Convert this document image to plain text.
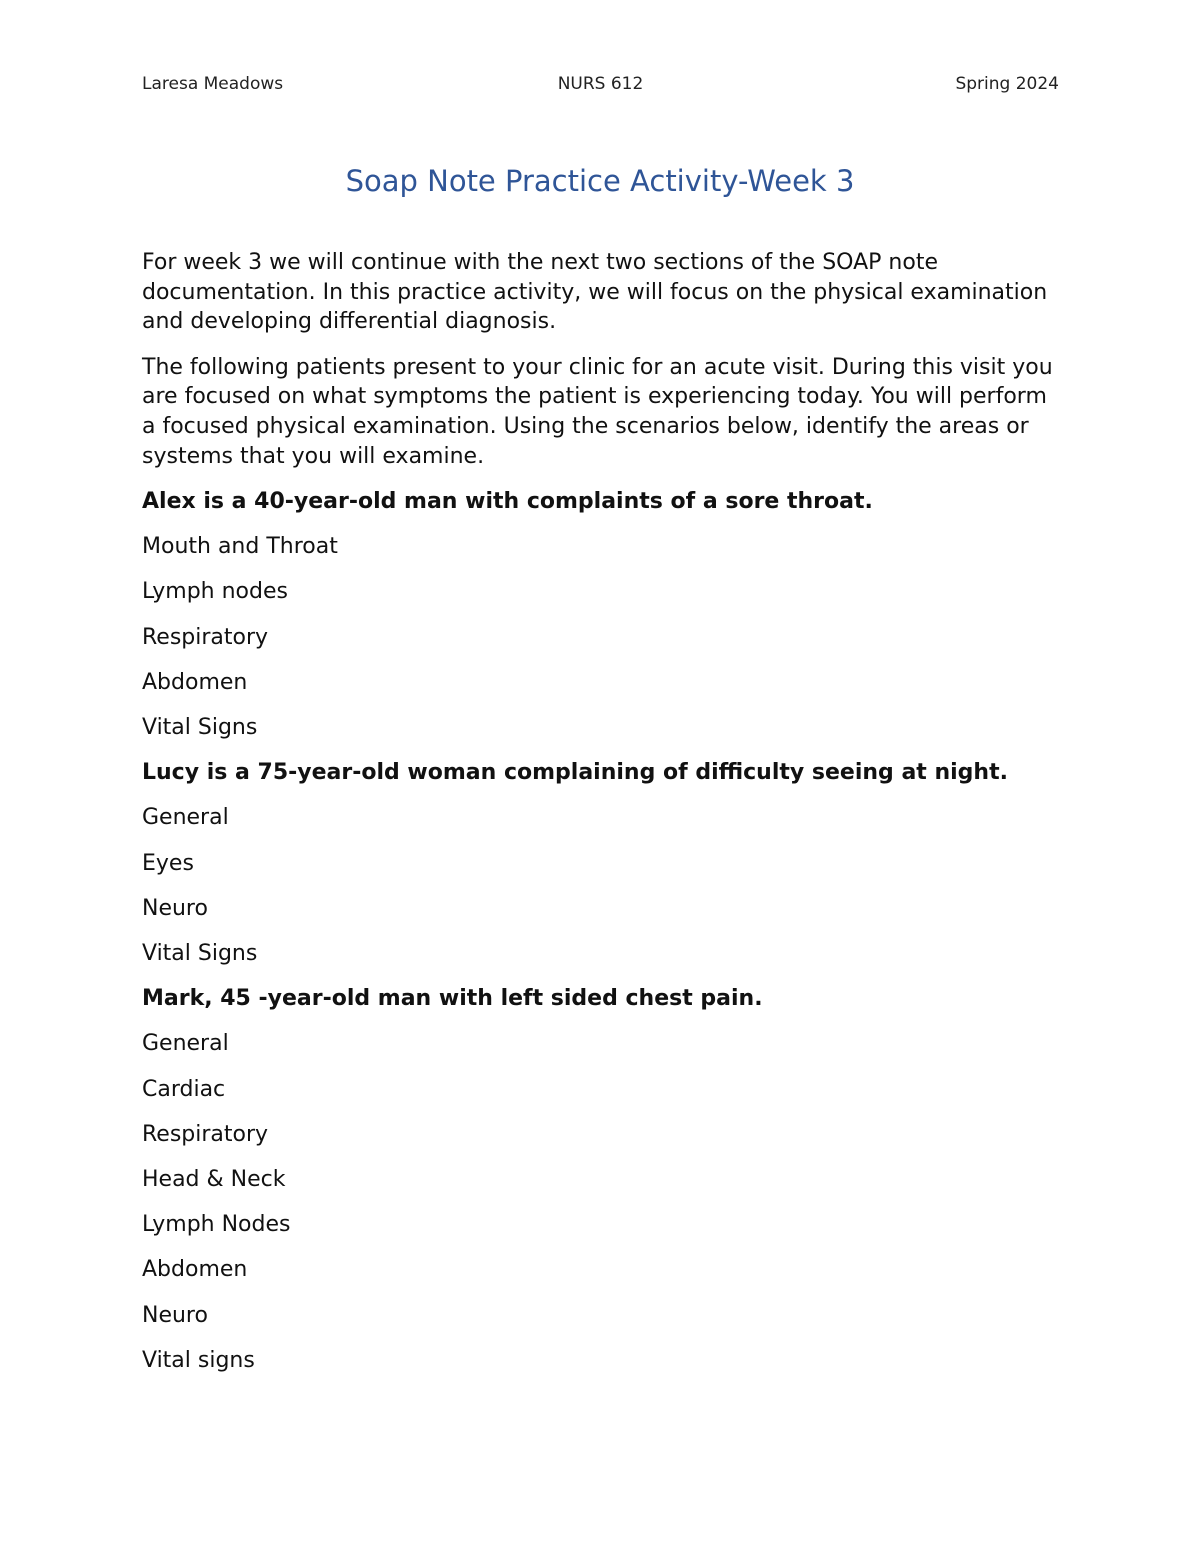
Laresa Meadows	NURS 612	Spring 2024
Soap Note Practice Activity-Week 3

For week 3 we will continue with the next two sections of the SOAP note documentation. In this practice activity, we will focus on the physical examination and developing differential diagnosis.

The following patients present to your clinic for an acute visit. During this visit you are focused on what symptoms the patient is experiencing today. You will perform a focused physical examination. Using the scenarios below, identify the areas or systems that you will examine.

Alex is a 40-year-old man with complaints of a sore throat.

Mouth and Throat

Lymph nodes

Respiratory

Abdomen

Vital Signs

Lucy is a 75-year-old woman complaining of difficulty seeing at night.

General

Eyes

Neuro

Vital Signs

Mark, 45 -year-old man with left sided chest pain.

General

Cardiac

Respiratory

Head & Neck

Lymph Nodes

Abdomen

Neuro

Vital signs
